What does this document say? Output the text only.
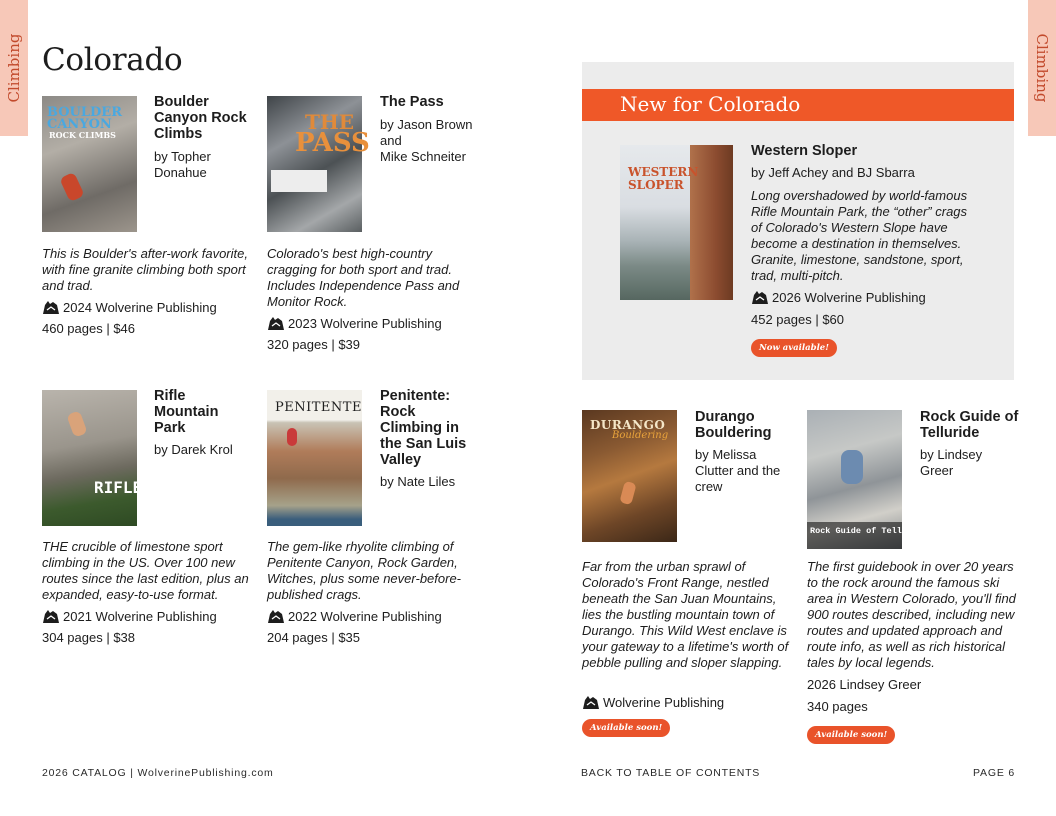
Climbing	Climbing
Colorado
BOULDER
CANYON
ROCK CLIMBS
Boulder Canyon Rock Climbs
by Topher Donahue
This is Boulder's after-work favorite, with fine granite climbing both sport and trad.
2024 Wolverine Publishing
460 pages | $46
THE
PASS
The Pass
by Jason Brown
and
Mike Schneiter
Colorado's best high-country cragging for both sport and trad. Includes Independence Pass and Monitor Rock.
2023 Wolverine Publishing
320 pages | $39
RIFLE
Rifle Mountain Park
by Darek Krol
THE crucible of limestone sport climbing in the US. Over 100 new routes since the last edition, plus an expanded, easy-to-use format.
2021 Wolverine Publishing
304 pages | $38
PENITENTE
Penitente: Rock Climbing in the San Luis Valley
by Nate Liles
The gem-like rhyolite climbing of Penitente Canyon, Rock Garden, Witches, plus some never-before-published crags.
2022 Wolverine Publishing
204 pages | $35
New for Colorado
WESTERN
SLOPER
Western Sloper
by Jeff Achey and BJ Sbarra
Long overshadowed by world-famous Rifle Mountain Park, the “other” crags of Colorado's Western Slope have become a destination in themselves. Granite, limestone, sandstone, sport, trad, multi-pitch.
2026 Wolverine Publishing
452 pages | $60
Now available!
DURANGO
Bouldering
Durango Bouldering
by Melissa Clutter and the crew
Far from the urban sprawl of Colorado's Front Range, nestled beneath the San Juan Mountains, lies the bustling mountain town of Durango. This Wild West enclave is your gateway to a lifetime's worth of pebble pulling and sloper slapping.
Wolverine Publishing
Available soon!
Rock Guide of Telluride
Rock Guide of Telluride
by Lindsey Greer
The first guidebook in over 20 years to the rock around the famous ski area in Western Colorado, you'll find 900 routes described, including new routes and updated approach and route info, as well as rich historical tales by local legends.
2026 Lindsey Greer
340 pages
Available soon!
2026 CATALOG | WolverinePublishing.com	BACK TO TABLE OF CONTENTS	PAGE 6
